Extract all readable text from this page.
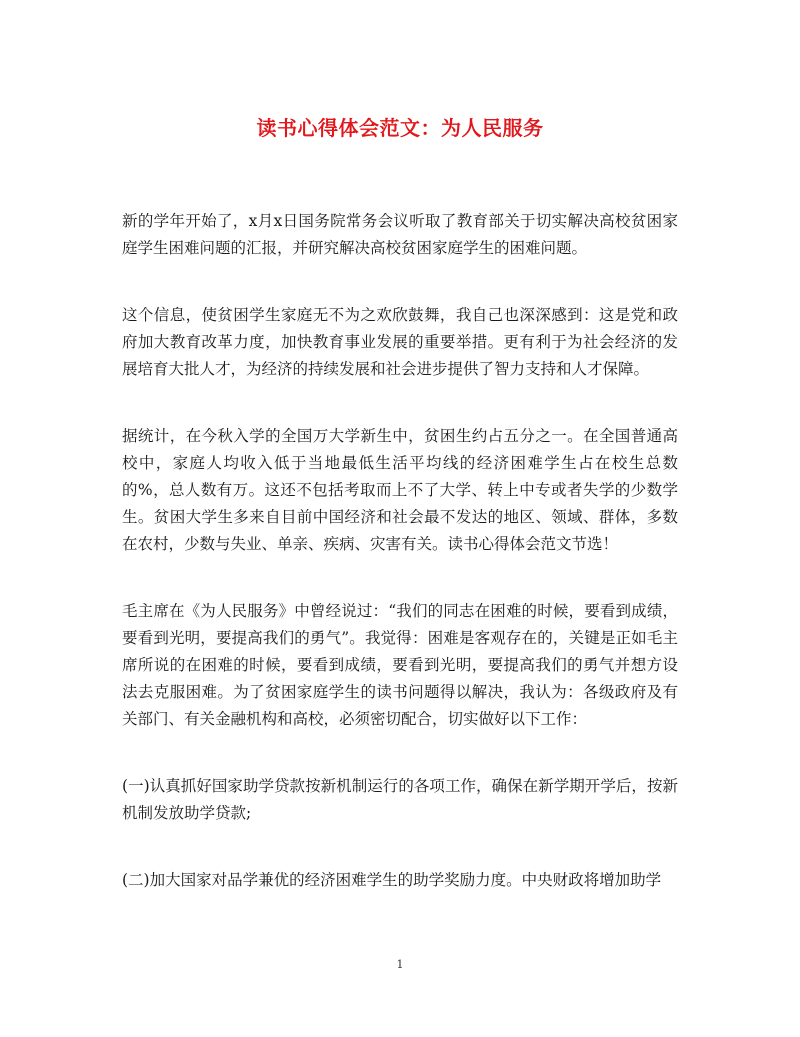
读书心得体会范文：为人民服务

新的学年开始了，x月x日国务院常务会议听取了教育部关于切实解决高校贫困家庭学生困难问题的汇报，并研究解决高校贫困家庭学生的困难问题。

这个信息，使贫困学生家庭无不为之欢欣鼓舞，我自己也深深感到：这是党和政府加大教育改革力度，加快教育事业发展的重要举措。更有利于为社会经济的发展培育大批人才，为经济的持续发展和社会进步提供了智力支持和人才保障。

据统计，在今秋入学的全国万大学新生中，贫困生约占五分之一。在全国普通高校中，家庭人均收入低于当地最低生活平均线的经济困难学生占在校生总数的%，总人数有万。这还不包括考取而上不了大学、转上中专或者失学的少数学生。贫困大学生多来自目前中国经济和社会最不发达的地区、领域、群体，多数在农村，少数与失业、单亲、疾病、灾害有关。读书心得体会范文节选！

毛主席在《为人民服务》中曾经说过：“我们的同志在困难的时候，要看到成绩，要看到光明，要提高我们的勇气”。我觉得：困难是客观存在的，关键是正如毛主席所说的在困难的时候，要看到成绩，要看到光明，要提高我们的勇气并想方设法去克服困难。为了贫困家庭学生的读书问题得以解决，我认为：各级政府及有关部门、有关金融机构和高校，必须密切配合，切实做好以下工作：

(一)认真抓好国家助学贷款按新机制运行的各项工作，确保在新学期开学后，按新机制发放助学贷款;

(二)加大国家对品学兼优的经济困难学生的助学奖励力度。中央财政将增加助学

1
